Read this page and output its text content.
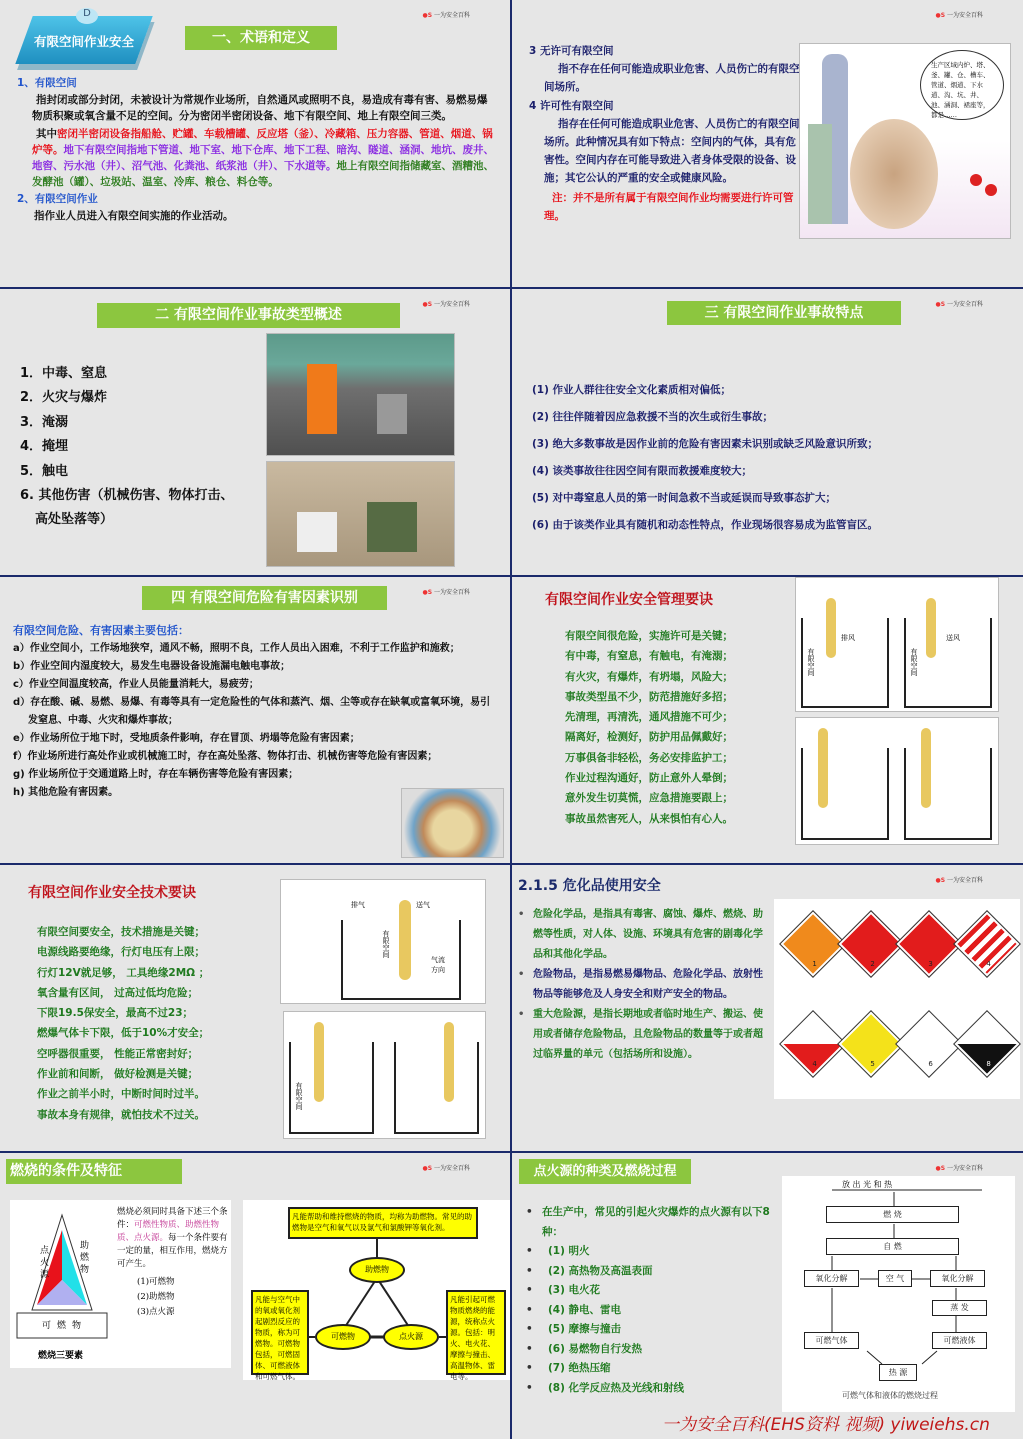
D
有限空间作业安全
●S 一为安全百科
一、术语和定义
1、有限空间
指封闭或部分封闭，未被设计为常规作业场所，自然通风或照明不良，易造成有毒有害、易燃易爆物质积聚或氧含量不足的空间。分为密闭半密闭设备、地下有限空间、地上有限空间三类。

其中密闭半密闭设备指船舱、贮罐、车载槽罐、反应塔（釜）、冷藏箱、压力容器、管道、烟道、锅炉等。地下有限空间指地下管道、地下室、地下仓库、地下工程、暗沟、隧道、涵洞、地坑、废井、地窖、污水池（井）、沼气池、化粪池、纸浆池（井）、下水道等。地上有限空间指储藏室、酒糟池、发酵池（罐）、垃圾站、温室、冷库、粮仓、料仓等。

2、有限空间作业
指作业人员进入有限空间实施的作业活动。
●S 一为安全百科
3 无许可有限空间
指不存在任何可能造成职业危害、人员伤亡的有限空间场所。
4 许可性有限空间
指存在任何可能造成职业危害、人员伤亡的有限空间场所。此种情况具有如下特点：空间内的气体，具有危害性。空间内存在可能导致进入者身体受限的设备、设施；其它公认的严重的安全或健康风险。
注：并不是所有属于有限空间作业均需要进行许可管理。
生产区域内炉、塔、釜、罐、仓、槽车、管道、烟道、下水道、沟、坑、井、池、涵洞、裙座等，都是……
●S 一为安全百科
二 有限空间作业事故类型概述
1．中毒、窒息
2．火灾与爆炸
3．淹溺
4．掩埋
5．触电
6. 其他伤害（机械伤害、物体打击、
高处坠落等）
●S 一为安全百科
三 有限空间作业事故特点
(1) 作业人群往往安全文化素质相对偏低；
(2) 往往伴随着因应急救援不当的次生或衍生事故；
(3) 绝大多数事故是因作业前的危险有害因素未识别或缺乏风险意识所致；
(4) 该类事故往往因空间有限而救援难度较大；
(5) 对中毒窒息人员的第一时间急救不当或延误而导致事态扩大；
(6) 由于该类作业具有随机和动态性特点，作业现场很容易成为监管盲区。
●S 一为安全百科
四 有限空间危险有害因素识别
有限空间危险、有害因素主要包括：
a）作业空间小，工作场地狭窄，通风不畅，照明不良，工作人员出入困难，不利于工作监护和施救；
b）作业空间内湿度较大，易发生电器设备设施漏电触电事故；
c）作业空间温度较高，作业人员能量消耗大，易疲劳；
d）存在酸、碱、易燃、易爆、有毒等具有一定危险性的气体和蒸汽、烟、尘等或存在缺氧或富氧环境，易引发窒息、中毒、火灾和爆炸事故；
e）作业场所位于地下时，受地质条件影响，存在冒顶、坍塌等危险有害因素；
f）作业场所进行高处作业或机械施工时，存在高处坠落、物体打击、机械伤害等危险有害因素；
g) 作业场所位于交通道路上时，存在车辆伤害等危险有害因素；
h) 其他危险有害因素。
有限空间作业安全管理要诀
有限空间很危险，实施许可是关键；
有中毒，有窒息，有触电，有淹溺；
有火灾，有爆炸，有坍塌，风险大；
事故类型虽不少，防范措施好多招；
先清理，再清洗，通风措施不可少；
隔离好，检测好，防护用品佩戴好；
万事俱备非轻松，务必安排监护工；
作业过程沟通好，防止意外人晕倒；
意外发生切莫慌，应急措施要跟上；
事故虽然害死人，从来惧怕有心人。
排风
有限空间	有限空间
送风
有限空间作业安全技术要诀
有限空间要安全，技术措施是关键；
电源线路要绝缘，行灯电压有上限；
行灯12V就足够， 工具绝缘2MΩ ；
氧含量有区间， 过高过低均危险；
下限19.5保安全，最高不过23；
燃爆气体卡下限，低于10%才安全；
空呼器很重要， 性能正常密封好；
作业前和间断， 做好检测是关键；
作业之前半小时，中断时间时过半。
事故本身有规律，就怕技术不过关。
排气	送气
有限空间
气流方向
有限空间
●S 一为安全百科
2.1.5 危化品使用安全
• 危险化学品，是指具有毒害、腐蚀、爆炸、燃烧、助燃等性质，对人体、设施、环境具有危害的剧毒化学品和其他化学品。
• 危险物品，是指易燃易爆物品、危险化学品、放射性物品等能够危及人身安全和财产安全的物品。
• 重大危险源，是指长期地或者临时地生产、搬运、使用或者储存危险物品，且危险物品的数量等于或者超过临界量的单元（包括场所和设施）。
1	2	3	4
4	5	6	8
●S 一为安全百科
燃烧的条件及特征
点火源
助燃物
可燃物
燃烧三要素

燃烧必须同时具备下述三个条件：可燃性物质、助燃性物质、点火源。每一个条件要有一定的量，相互作用，燃烧方可产生。

(1)可燃物
(2)助燃物
(3)点火源
凡能帮助和维持燃烧的物质，均称为助燃物。常见的助燃物是空气和氧气以及氯气和氯酸钾等氧化剂。
凡能与空气中的氧或氧化剂起剧烈反应的物质，称为可燃物。可燃物包括，可燃固体、可燃液体和可燃气体。
凡能引起可燃物质燃烧的能源，统称点火源。包括：明火、电火花、摩擦与撞击、高温物体、雷电等。
助燃物
可燃物	点火源
●S 一为安全百科
点火源的种类及燃烧过程
• 在生产中，常见的引起火灾爆炸的点火源有以下8种：
• (1) 明火
• (2) 高热物及高温表面
• (3) 电火花
• (4) 静电、雷电
• (5) 摩擦与撞击
• (6) 易燃物自行发热
• (7) 绝热压缩
• (8) 化学反应热及光线和射线
放 出 光 和 热
燃 烧
自 燃
氧化分解	空 气	氧化分解
蒸 发
可燃气体	可燃液体
热 源
可燃气体和液体的燃烧过程
一为安全百科(EHS资料 视频) yiweiehs.cn
